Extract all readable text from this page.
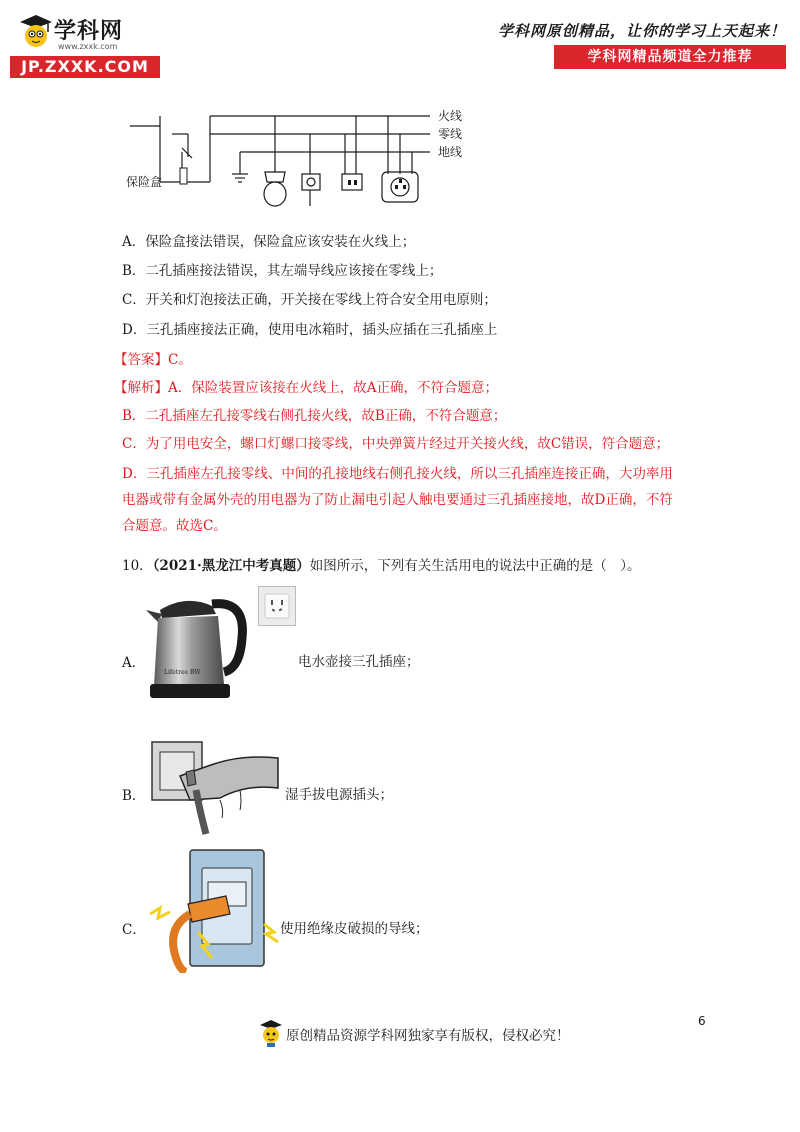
学科网
www.zxxk.com
JP.ZXXK.COM
学科网原创精品，让你的学习上天起来！
学科网精品频道全力推荐
火线
零线
地线
保险盒
A．保险盒接法错误，保险盒应该安装在火线上；
B．二孔插座接法错误，其左端导线应该接在零线上；
C．开关和灯泡接法正确，开关接在零线上符合安全用电原则；
D．三孔插座接法正确，使用电冰箱时，插头应插在三孔插座上
【答案】C。
【解析】A．保险装置应该接在火线上，故A正确，不符合题意；
B．二孔插座左孔接零线右侧孔接火线，故B正确，不符合题意；
C．为了用电安全，螺口灯螺口接零线，中央弹簧片经过开关接火线，故C错误，符合题意；
D．三孔插座左孔接零线、中间的孔接地线右侧孔接火线，所以三孔插座连接正确，大功率用电器或带有金属外壳的用电器为了防止漏电引起人触电要通过三孔插座接地，故D正确，不符合题意。故选C。
10．（2021·黑龙江中考真题）如图所示，下列有关生活用电的说法中正确的是（　）。
A．
Lifetree BW
电水壶接三孔插座；
B．	湿手拔电源插头；
C．	使用绝缘皮破损的导线；
原创精品资源学科网独家享有版权，侵权必究！
6
